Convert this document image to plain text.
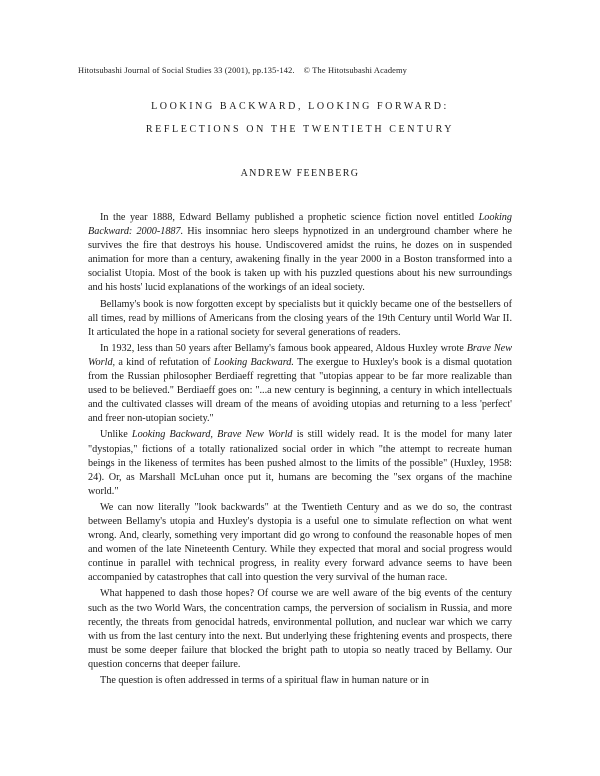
Hitotsubashi Journal of Social Studies 33 (2001), pp.135-142. © The Hitotsubashi Academy
LOOKING BACKWARD, LOOKING FORWARD:
REFLECTIONS ON THE TWENTIETH CENTURY
ANDREW FEENBERG

In the year 1888, Edward Bellamy published a prophetic science fiction novel entitled Looking Backward: 2000-1887. His insomniac hero sleeps hypnotized in an underground chamber where he survives the fire that destroys his house. Undiscovered amidst the ruins, he dozes on in suspended animation for more than a century, awakening finally in the year 2000 in a Boston transformed into a socialist Utopia. Most of the book is taken up with his puzzled questions about his new surroundings and his hosts' lucid explanations of the workings of an ideal society.

Bellamy's book is now forgotten except by specialists but it quickly became one of the bestsellers of all times, read by millions of Americans from the closing years of the 19th Century until World War II. It articulated the hope in a rational society for several generations of readers.

In 1932, less than 50 years after Bellamy's famous book appeared, Aldous Huxley wrote Brave New World, a kind of refutation of Looking Backward. The exergue to Huxley's book is a dismal quotation from the Russian philosopher Berdiaeff regretting that "utopias appear to be far more realizable than used to be believed." Berdiaeff goes on: "...a new century is beginning, a century in which intellectuals and the cultivated classes will dream of the means of avoiding utopias and returning to a less 'perfect' and freer non-utopian society."

Unlike Looking Backward, Brave New World is still widely read. It is the model for many later "dystopias," fictions of a totally rationalized social order in which "the attempt to recreate human beings in the likeness of termites has been pushed almost to the limits of the possible" (Huxley, 1958: 24). Or, as Marshall McLuhan once put it, humans are becoming the "sex organs of the machine world."

We can now literally "look backwards" at the Twentieth Century and as we do so, the contrast between Bellamy's utopia and Huxley's dystopia is a useful one to simulate reflection on what went wrong. And, clearly, something very important did go wrong to confound the reasonable hopes of men and women of the late Nineteenth Century. While they expected that moral and social progress would continue in parallel with technical progress, in reality every forward advance seems to have been accompanied by catastrophes that call into question the very survival of the human race.

What happened to dash those hopes? Of course we are well aware of the big events of the century such as the two World Wars, the concentration camps, the perversion of socialism in Russia, and more recently, the threats from genocidal hatreds, environmental pollution, and nuclear war which we carry with us from the last century into the next. But underlying these frightening events and prospects, there must be some deeper failure that blocked the bright path to utopia so neatly traced by Bellamy. Our question concerns that deeper failure.

The question is often addressed in terms of a spiritual flaw in human nature or in
